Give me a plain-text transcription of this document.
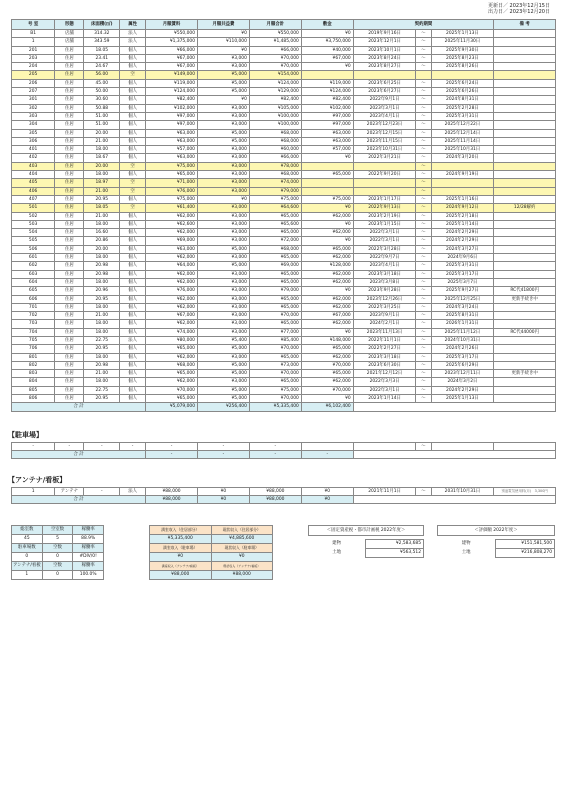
更新日／ 2023年12月15日
出力日／ 2023年12月20日
号 室	形態	床面積(㎡)	属性	月額賃料	月額共益費	月額合計	敷金	契約期間			備 考
B1	店舗	314.32	法人	¥550,000	¥0	¥550,000	¥0	2019年9月16日	〜	2025年1月13日	
1	店舗	343.59	法人	¥1,375,000	¥110,000	¥1,485,000	¥3,750,000	2023年12月1日	〜	2025年11月30日	
201	住居	18.05	個人	¥66,000	¥0	¥66,000	¥40,000	2023年10月1日	〜	2025年9月30日	
203	住居	23.41	個人	¥67,000	¥3,000	¥70,000	¥67,000	2023年8月24日	〜	2025年8月23日	
204	住居	24.67	個人	¥67,000	¥3,000	¥70,000	¥0	2023年8月27日	〜	2025年8月26日	
205	住居	56.00	空	¥149,000	¥5,000	¥154,000					
206	住居	45.00	個人	¥119,000	¥5,000	¥124,000	¥119,000	2023年6月25日	〜	2025年6月24日	
207	住居	50.00	個人	¥124,000	¥5,000	¥129,000	¥124,000	2023年6月27日	〜	2025年6月26日	
301	住居	30.60	個人	¥82,400	¥0	¥82,400	¥82,400	2022年9月1日	〜	2024年8月31日	
302	住居	50.88	個人	¥102,000	¥3,000	¥105,000	¥102,000	2023年3月1日	〜	2025年2月28日	
303	住居	51.00	個人	¥97,000	¥3,000	¥100,000	¥97,000	2023年4月1日	〜	2025年3月31日	
304	住居	51.00	個人	¥97,000	¥3,000	¥100,000	¥97,000	2023年12月23日	〜	2025年12月22日	
305	住居	20.00	個人	¥63,000	¥5,000	¥68,000	¥63,000	2023年12月15日	〜	2025年12月14日	
306	住居	21.00	個人	¥63,000	¥5,000	¥68,000	¥63,000	2023年11月15日	〜	2025年11月14日	
401	住居	18.00	個人	¥57,000	¥3,000	¥60,000	¥57,000	2023年10月31日	〜	2025年10月31日	
402	住居	18.67	個人	¥63,000	¥3,000	¥66,000	¥0	2022年3月21日	〜	2024年3月20日	
403	住居	20.00	空	¥75,000	¥3,000	¥78,000			〜		
404	住居	18.00	個人	¥65,000	¥3,000	¥68,000	¥65,000	2022年9月20日	〜	2024年9月19日	
405	住居	18.97	空	¥71,000	¥3,000	¥74,000			〜		
406	住居	21.00	空	¥76,000	¥3,000	¥79,000			〜		
407	住居	20.95	個人	¥75,000	¥0	¥75,000	¥75,000	2023年1月17日	〜	2025年1月16日	
501	住居	18.05	空	¥61,400	¥3,000	¥64,600	¥0	2022年9月13日	〜	2024年9月12日	12/28解約
502	住居	21.00	個人	¥62,000	¥3,000	¥65,000	¥62,000	2023年2月19日	〜	2025年2月18日	
503	住居	18.00	個人	¥62,600	¥3,000	¥65,600	¥0	2023年1月15日	〜	2025年1月14日	
504	住居	16.60	個人	¥62,000	¥3,000	¥65,000	¥62,000	2022年3月1日	〜	2024年2月29日	
505	住居	20.86	個人	¥69,000	¥3,000	¥72,000	¥0	2022年3月1日	〜	2024年2月29日	
506	住居	20.00	個人	¥63,000	¥5,000	¥68,000	¥65,000	2022年3月28日	〜	2024年3月27日	
601	住居	18.00	個人	¥62,000	¥3,000	¥65,000	¥62,000	2022年9月7日	〜	2024年9月6日	
602	住居	20.98	個人	¥64,000	¥5,000	¥69,000	¥128,000	2023年4月1日	〜	2025年3月31日	
603	住居	20.98	個人	¥62,000	¥3,000	¥65,000	¥62,000	2023年3月18日	〜	2025年3月17日	
604	住居	18.00	個人	¥62,000	¥3,000	¥65,000	¥62,000	2023年3月8日	〜	2025年3月7日	
605	住居	20.96	個人	¥76,000	¥3,000	¥79,000	¥0	2023年9月28日	〜	2025年9月27日	RC代41800円
606	住居	20.95	個人	¥62,000	¥3,000	¥65,000	¥62,000	2023年12月26日	〜	2025年12月25日	更新手続き中
701	住居	18.00	個人	¥62,000	¥3,000	¥65,000	¥62,000	2022年3月25日	〜	2024年3月24日	
702	住居	21.00	個人	¥67,000	¥3,000	¥70,000	¥67,000	2023年9月1日	〜	2025年8月31日	
703	住居	18.00	個人	¥62,000	¥3,000	¥65,000	¥62,000	2024年2月1日	〜	2026年1月31日	
704	住居	18.00	個人	¥74,000	¥3,000	¥77,000	¥0	2023年11月13日	〜	2025年11月12日	RC代44000円
705	住居	22.75	法人	¥80,000	¥5,400	¥85,400	¥148,000	2022年11月1日	〜	2024年10月31日	
706	住居	20.95	個人	¥65,000	¥5,000	¥70,000	¥65,000	2022年2月27日	〜	2024年2月26日	
801	住居	18.00	個人	¥62,000	¥3,000	¥65,000	¥62,000	2023年3月18日	〜	2025年3月17日	
802	住居	20.98	個人	¥68,000	¥5,000	¥73,000	¥70,000	2023年6月30日	〜	2025年6月29日	
803	住居	21.00	個人	¥65,000	¥5,000	¥70,000	¥65,000	2021年12月12日	〜	2023年12月11日	更新手続き中
804	住居	18.00	個人	¥62,000	¥3,000	¥65,000	¥62,000	2022年3月3日	〜	2024年3月2日	
805	住居	22.75	個人	¥70,000	¥5,000	¥75,000	¥70,000	2022年3月1日	〜	2024年2月29日	
806	住居	20.95	個人	¥65,000	¥5,000	¥70,000	¥0	2023年1月14日	〜	2025年1月13日	
合 計				¥5,079,000	¥256,400	¥5,335,400	¥6,102,400				
【駐車場】
-	-	-	-	-	-	-			〜		
合 計				-	-	-	-				
【アンテナ/看板】
1	アンテナ	-	法人	¥88,000	¥0	¥88,000	¥0	2021年11月1日	〜	2031年10月31日	別途電気使用料(月)　3,300円
合 計				¥88,000	¥0	¥88,000	¥0				
総室数	空室数	稼働率
45	5	88.9%
駐車場数	空数	稼働率
0	0	#DIV/0!
アンテナ/看板	空数	稼働率
1	0	100.0%
満室収入（住居部分）	現状収入（住居部分）
¥5,335,400	¥4,885,600
満室収入（駐車場）	現状収入（駐車場）
¥0	¥0
満室収入（アンテナ/看板）	現状収入（アンテナ/看板）
¥88,000	¥88,000
＜固定資産税・都市計画税 2022年度＞
建物	¥2,583,685
土地	¥563,512
＜評価額 2022年度＞
建物	¥151,581,500
土地	¥216,808,270
